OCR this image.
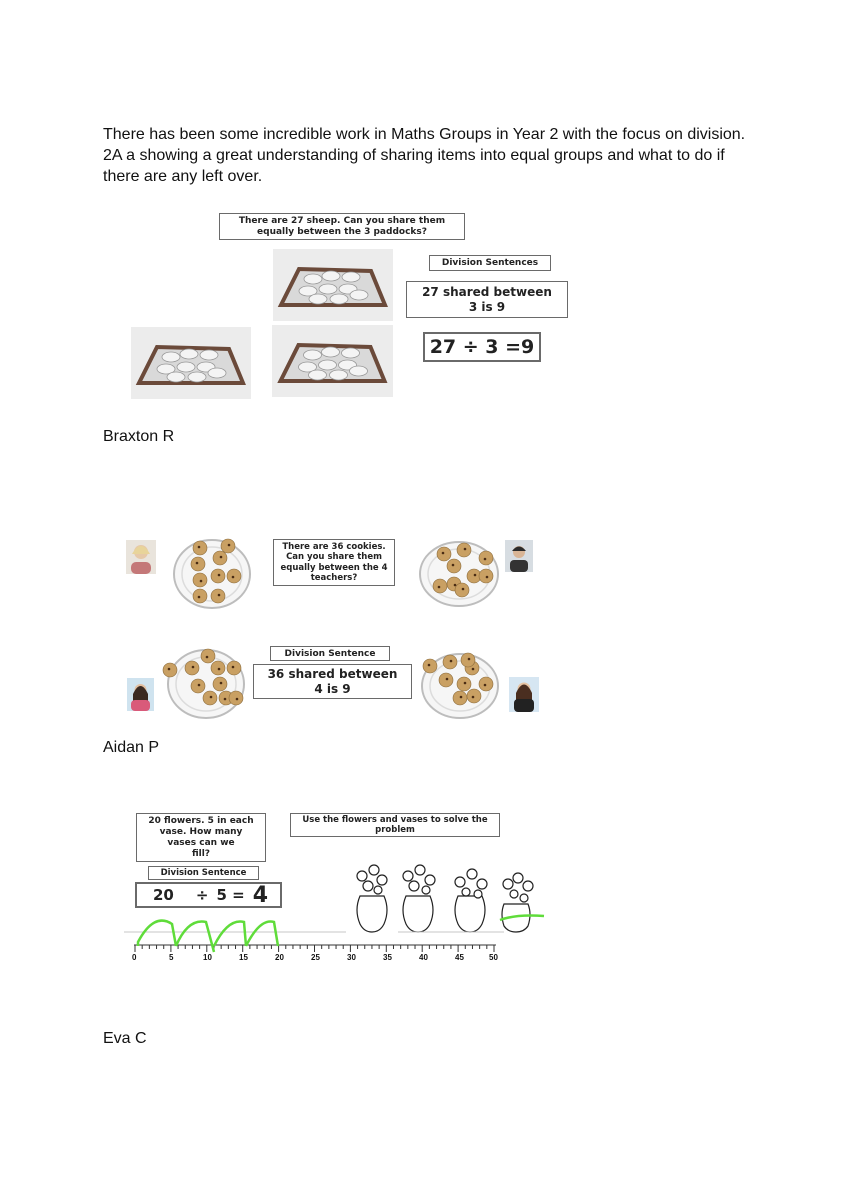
There has been some incredible work in Maths Groups in Year 2 with the focus on division.
2A a showing a great understanding of sharing items into equal groups and what to do if
there are any left over.

There are 27 sheep. Can you share them
equally between the 3 paddocks?
Division Sentences
27 shared between
3 is 9
27 ÷ 3 =9
Braxton R
There are 36 cookies.
Can you share them
equally between the 4
teachers?
Division Sentence
36 shared between
4 is 9
Aidan P
20 flowers. 5 in each
vase. How many
vases can we
fill?
Use the flowers and vases to solve the
problem
Division Sentence
20 ÷ 5 = 4
0	5	10	15	20	25	30	35	40	45	50
Eva C
